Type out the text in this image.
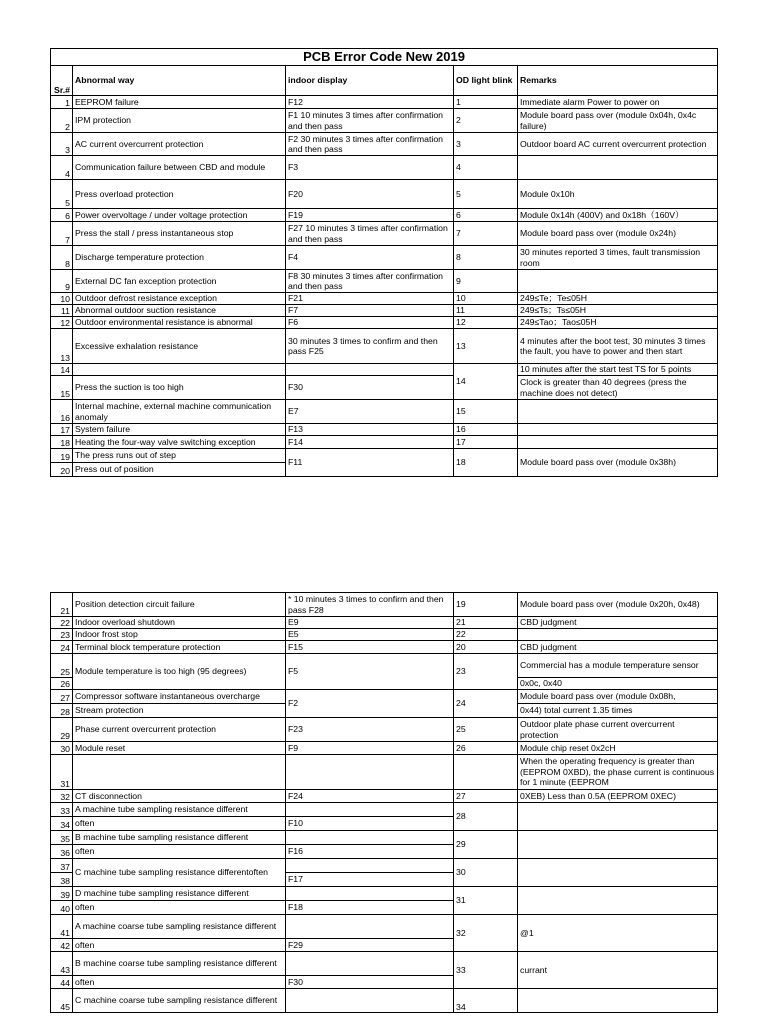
PCB Error Code New 2019				
Sr.#	Abnormal way	indoor display	OD light blink	Remarks
1	EEPROM failure	F12	1	Immediate alarm Power to power on
2	IPM protection	F1 10 minutes 3 times after confirmation and then pass	2	Module board pass over (module 0x04h, 0x4c failure)
3	AC current overcurrent protection	F2 30 minutes 3 times after confirmation and then pass	3	Outdoor board AC current overcurrent protection
4	Communication failure between CBD and module	F3	4	
5	Press overload protection	F20	5	Module 0x10h
6	Power overvoltage / under voltage protection	F19	6	Module 0x14h (400V) and 0x18h（160V）
7	Press the stall / press instantaneous stop	F27 10 minutes 3 times after confirmation and then pass	7	Module board pass over (module 0x24h)
8	Discharge temperature protection	F4	8	30 minutes reported 3 times, fault transmission room
9	External DC fan exception protection	F8 30 minutes 3 times after confirmation and then pass	9	
10	Outdoor defrost resistance exception	F21	10	249≤Te；Te≤05H
11	Abnormal outdoor suction resistance	F7	11	249≤Ts；Ts≤05H
12	Outdoor environmental resistance is abnormal	F6	12	249≤Tao；Tao≤05H
13	Excessive exhalation resistance	30 minutes 3 times to confirm and then pass F25	13	4 minutes after the boot test, 30 minutes 3 times the fault, you have to power and then start
14			14	10 minutes after the start test TS for 5 points
15	Press the suction is too high	F30		Clock is greater than 40 degrees (press the machine does not detect)
16	Internal machine, external machine communication anomaly	E7	15	
17	System failure	F13	16	
18	Heating the four-way valve switching exception	F14	17	
19	The press runs out of step	F11	18	Module board pass over (module 0x38h)
20	Press out of position			
21	Position detection circuit failure	* 10 minutes 3 times to confirm and then pass F28	19	Module board pass over (module 0x20h, 0x48)
22	Indoor overload shutdown	E9	21	CBD judgment
23	Indoor frost stop	E5	22	
24	Terminal block temperature protection	F15	20	CBD judgment
25	Module temperature is too high (95 degrees)	F5	23	Commercial has a module temperature sensor
26				0x0c, 0x40
27	Compressor software instantaneous overcharge	F2	24	Module board pass over (module 0x08h,
28	Stream protection			0x44) total current 1.35 times
29	Phase current overcurrent protection	F23	25	Outdoor plate phase current overcurrent protection
30	Module reset	F9	26	Module chip reset 0x2cH
31				When the operating frequency is greater than (EEPROM 0XBD), the phase current is continuous for 1 minute (EEPROM
32	CT disconnection	F24	27	0XEB) Less than 0.5A (EEPROM 0XEC)
33	A machine tube sampling resistance different		28	
34	often	F10		
35	B machine tube sampling resistance different		29	
36	often	F16		
37	C machine tube sampling resistance differentoften		30	
38		F17		
39	D machine tube sampling resistance different		31	
40	often	F18		
41	A machine coarse tube sampling resistance different		32	@1
42	often	F29		
43	B machine coarse tube sampling resistance different		33	currant
44	often	F30		
45	C machine coarse tube sampling resistance different		34	
